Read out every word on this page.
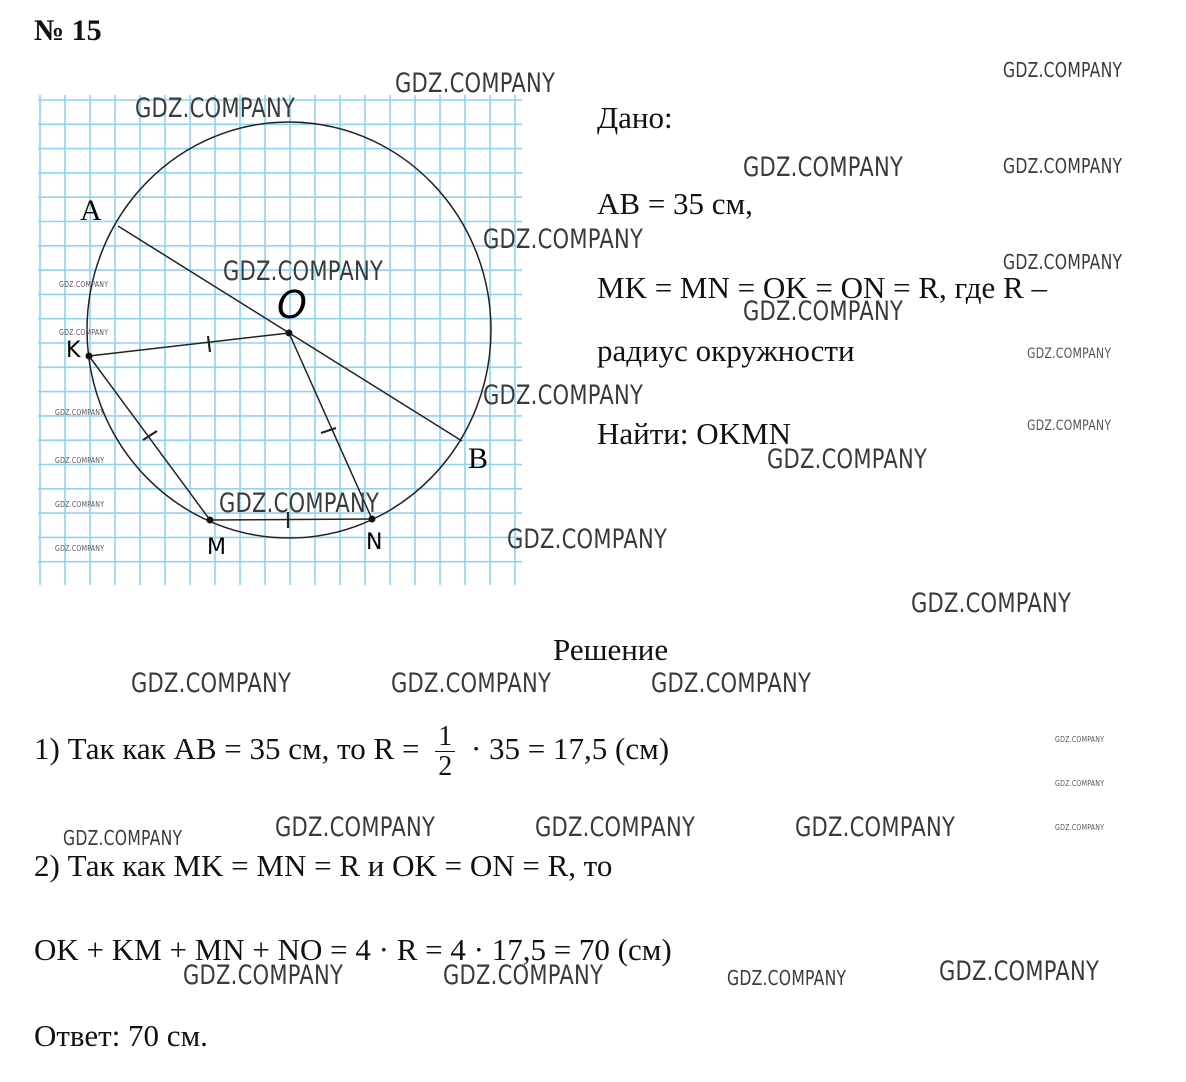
№ 15
A
B
O
K
M	N
Дано:
AB = 35 см,
MK = MN = OK = ON = R, где R –
радиус окружности
Найти: OKMN
Решение
1) Так как AB = 35 см, то $R = \frac{1}{2} \cdot 35 = 17,5$ (см)
2) Так как MK = MN = R и OK = ON = R, то
OK + KM + MN + NO = 4 · R = 4 · 17,5 = 70 (см)
Ответ: 70 см.
GDZ.COMPANY
GDZ.COMPANY
GDZ.COMPANY
GDZ.COMPANY	GDZ.COMPANY
GDZ.COMPANY
GDZ.COMPANY
GDZ.COMPANY
GDZ.COMPANY
GDZ.COMPANY
GDZ.COMPANY
GDZ.COMPANY
GDZ.COMPANY
GDZ.COMPANY
GDZ.COMPANY
GDZ.COMPANY
GDZ.COMPANY	GDZ.COMPANY	GDZ.COMPANY
GDZ.COMPANY
GDZ.COMPANY
GDZ.COMPANY
GDZ.COMPANY	GDZ.COMPANY	GDZ.COMPANY	GDZ.COMPANY
GDZ.COMPANY	GDZ.COMPANY	GDZ.COMPANY	GDZ.COMPANY
GDZ.COMPANY
GDZ.COMPANY
GDZ.COMPANY
GDZ.COMPANY
GDZ.COMPANY
GDZ.COMPANY
